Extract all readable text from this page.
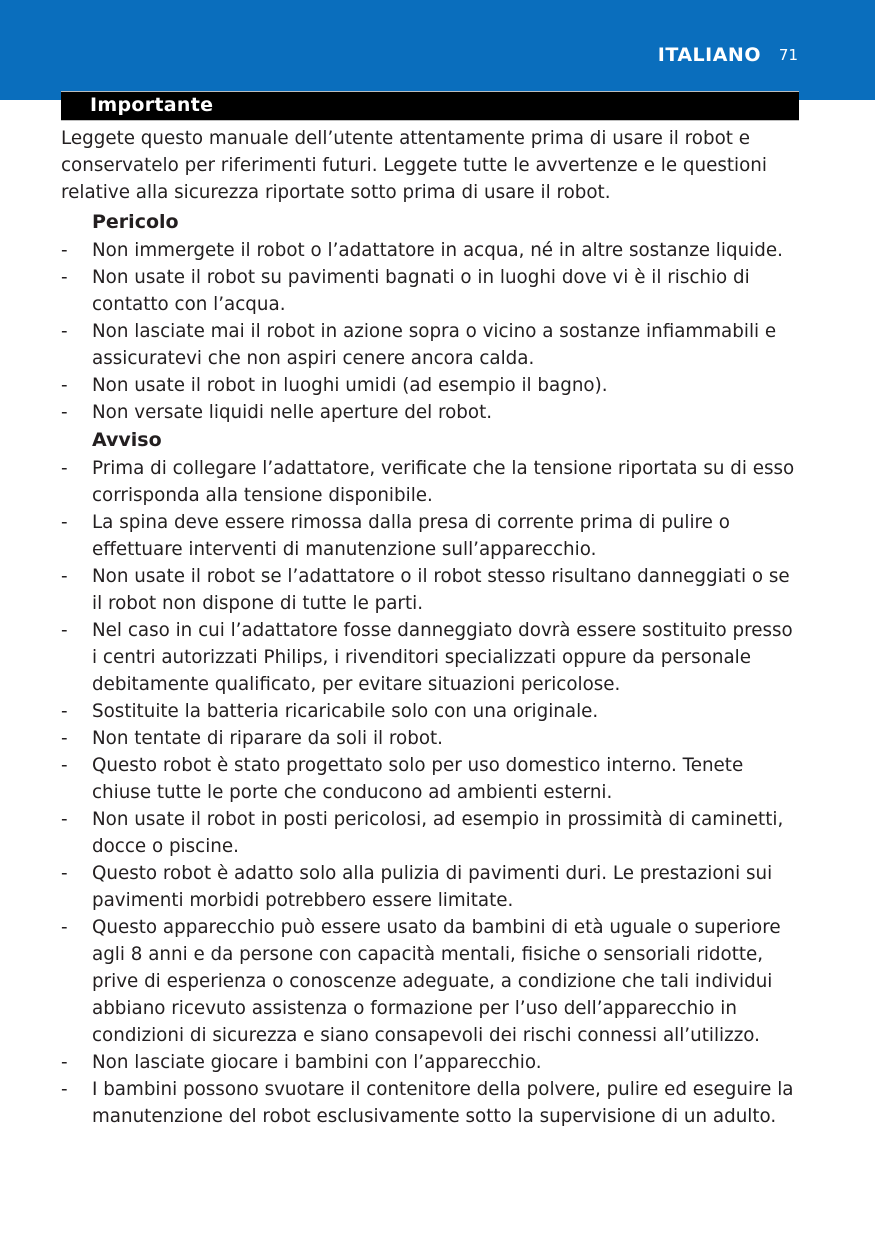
ITALIANO 71
Importante

Leggete questo manuale dell’utente attentamente prima di usare il robot e conservatelo per riferimenti futuri. Leggete tutte le avvertenze e le questioni relative alla sicurezza riportate sotto prima di usare il robot.

Pericolo

- Non immergete il robot o l’adattatore in acqua, né in altre sostanze liquide.
- Non usate il robot su pavimenti bagnati o in luoghi dove vi è il rischio di contatto con l’acqua.
- Non lasciate mai il robot in azione sopra o vicino a sostanze infiammabili e assicuratevi che non aspiri cenere ancora calda.
- Non usate il robot in luoghi umidi (ad esempio il bagno).
- Non versate liquidi nelle aperture del robot.

Avviso

- Prima di collegare l’adattatore, verificate che la tensione riportata su di esso corrisponda alla tensione disponibile.
- La spina deve essere rimossa dalla presa di corrente prima di pulire o effettuare interventi di manutenzione sull’apparecchio.
- Non usate il robot se l’adattatore o il robot stesso risultano danneggiati o se il robot non dispone di tutte le parti.
- Nel caso in cui l’adattatore fosse danneggiato dovrà essere sostituito presso i centri autorizzati Philips, i rivenditori specializzati oppure da personale debitamente qualificato, per evitare situazioni pericolose.
- Sostituite la batteria ricaricabile solo con una originale.
- Non tentate di riparare da soli il robot.
- Questo robot è stato progettato solo per uso domestico interno. Tenete chiuse tutte le porte che conducono ad ambienti esterni.
- Non usate il robot in posti pericolosi, ad esempio in prossimità di caminetti, docce o piscine.
- Questo robot è adatto solo alla pulizia di pavimenti duri. Le prestazioni sui pavimenti morbidi potrebbero essere limitate.
- Questo apparecchio può essere usato da bambini di età uguale o superiore agli 8 anni e da persone con capacità mentali, fisiche o sensoriali ridotte, prive di esperienza o conoscenze adeguate, a condizione che tali individui abbiano ricevuto assistenza o formazione per l’uso dell’apparecchio in condizioni di sicurezza e siano consapevoli dei rischi connessi all’utilizzo.
- Non lasciate giocare i bambini con l’apparecchio.
- I bambini possono svuotare il contenitore della polvere, pulire ed eseguire la manutenzione del robot esclusivamente sotto la supervisione di un adulto.
